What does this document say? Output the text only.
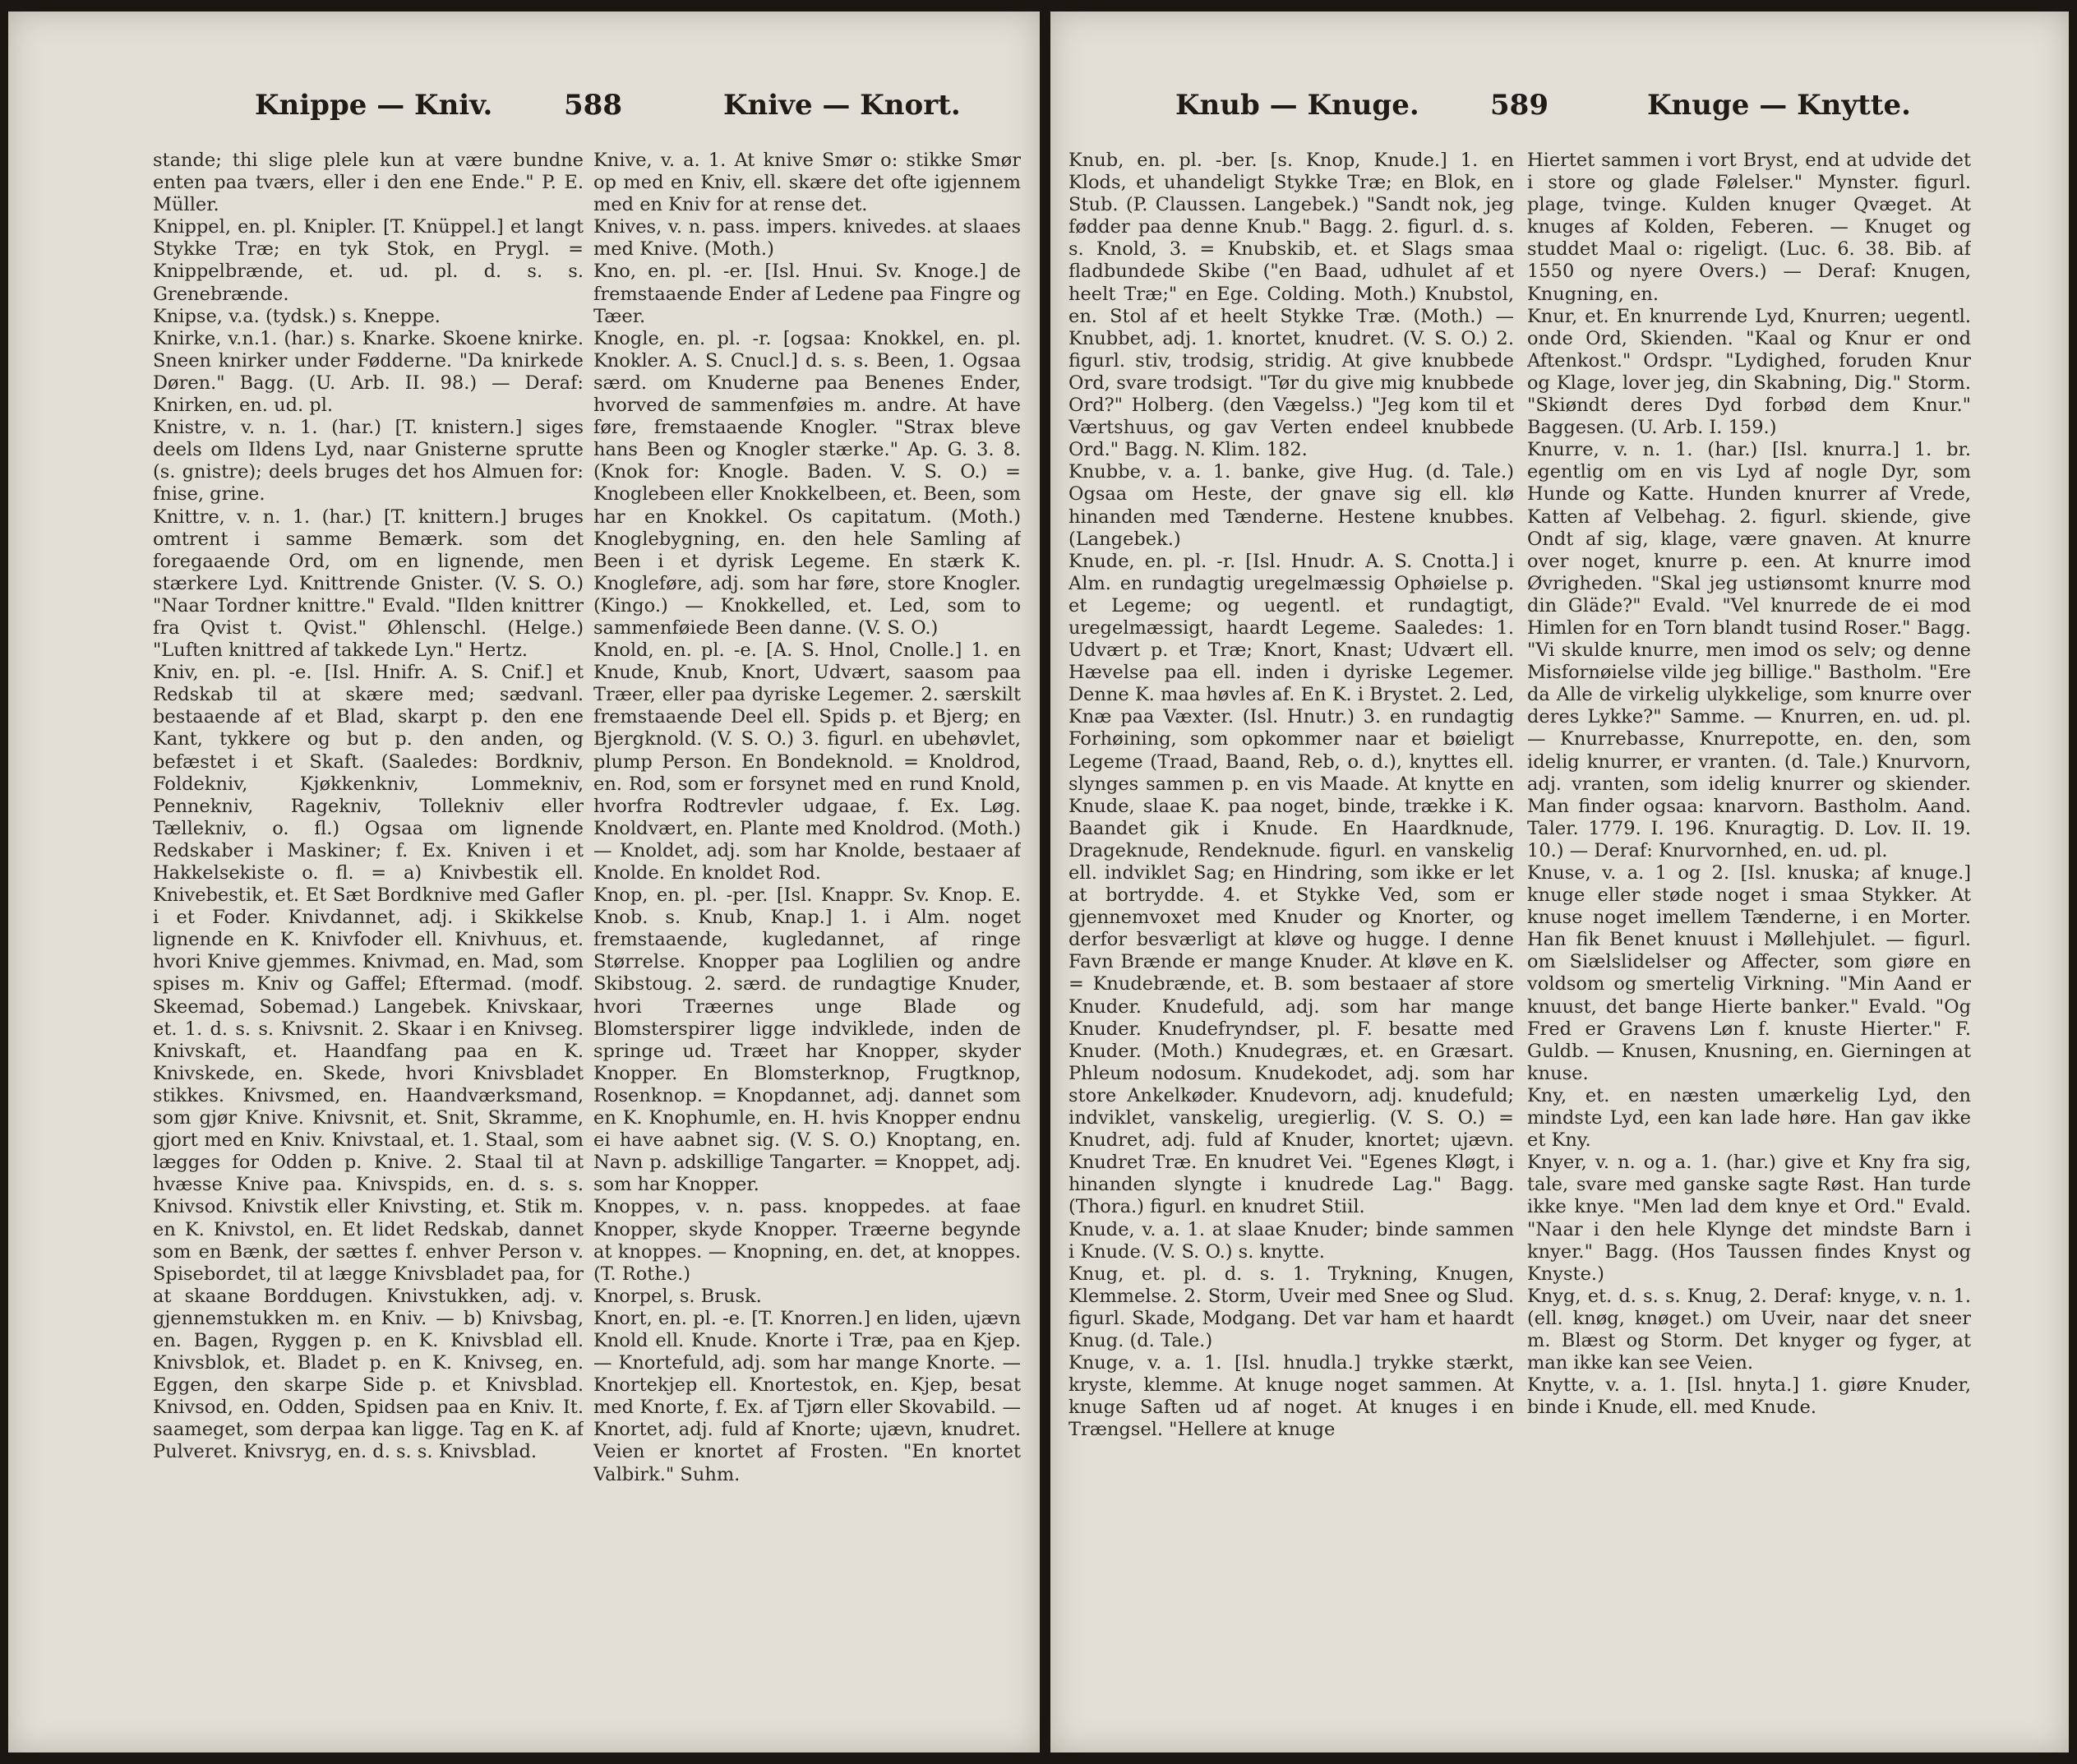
Knippe — Kniv.	588	Knive — Knort.

stande; thi slige plele kun at være bundne enten paa tværs, eller i den ene Ende." P. E. Müller.
Knippel, en. pl. Knipler. [T. Knüppel.] et langt Stykke Træ; en tyk Stok, en Prygl. = Knippelbrænde, et. ud. pl. d. s. s. Grenebrænde.
Knipse, v.a. (tydsk.) s. Kneppe.
Knirke, v.n.1. (har.) s. Knarke. Skoene knirke. Sneen knirker under Fødderne. "Da knirkede Døren." Bagg. (U. Arb. II. 98.) — Deraf: Knirken, en. ud. pl.
Knistre, v. n. 1. (har.) [T. knistern.] siges deels om Ildens Lyd, naar Gnisterne sprutte (s. gnistre); deels bruges det hos Almuen for: fnise, grine.
Knittre, v. n. 1. (har.) [T. knittern.] bruges omtrent i samme Bemærk. som det foregaaende Ord, om en lignende, men stærkere Lyd. Knittrende Gnister. (V. S. O.) "Naar Tordner knittre." Evald. "Ilden knittrer fra Qvist t. Qvist." Øhlenschl. (Helge.) "Luften knittred af takkede Lyn." Hertz.
Kniv, en. pl. -e. [Isl. Hnifr. A. S. Cnif.] et Redskab til at skære med; sædvanl. bestaaende af et Blad, skarpt p. den ene Kant, tykkere og but p. den anden, og befæstet i et Skaft. (Saaledes: Bordkniv, Foldekniv, Kjøkkenkniv, Lommekniv, Pennekniv, Ragekniv, Tollekniv eller Tællekniv, o. fl.) Ogsaa om lignende Redskaber i Maskiner; f. Ex. Kniven i et Hakkelsekiste o. fl. = a) Knivbestik ell. Knivebestik, et. Et Sæt Bordknive med Gafler i et Foder. Knivdannet, adj. i Skikkelse lignende en K. Knivfoder ell. Knivhuus, et. hvori Knive gjemmes. Knivmad, en. Mad, som spises m. Kniv og Gaffel; Eftermad. (modf. Skeemad, Sobemad.) Langebek. Knivskaar, et. 1. d. s. s. Knivsnit. 2. Skaar i en Knivseg. Knivskaft, et. Haandfang paa en K. Knivskede, en. Skede, hvori Knivsbladet stikkes. Knivsmed, en. Haandværksmand, som gjør Knive. Knivsnit, et. Snit, Skramme, gjort med en Kniv. Knivstaal, et. 1. Staal, som lægges for Odden p. Knive. 2. Staal til at hvæsse Knive paa. Knivspids, en. d. s. s. Knivsod. Knivstik eller Knivsting, et. Stik m. en K. Knivstol, en. Et lidet Redskab, dannet som en Bænk, der sættes f. enhver Person v. Spisebordet, til at lægge Knivsbladet paa, for at skaane Borddugen. Knivstukken, adj. v. gjennemstukken m. en Kniv. — b) Knivsbag, en. Bagen, Ryggen p. en K. Knivsblad ell. Knivsblok, et. Bladet p. en K. Knivseg, en. Eggen, den skarpe Side p. et Knivsblad. Knivsod, en. Odden, Spidsen paa en Kniv. It. saameget, som derpaa kan ligge. Tag en K. af Pulveret. Knivsryg, en. d. s. s. Knivsblad.

Knive, v. a. 1. At knive Smør o: stikke Smør op med en Kniv, ell. skære det ofte igjennem med en Kniv for at rense det.
Knives, v. n. pass. impers. knivedes. at slaaes med Knive. (Moth.)
Kno, en. pl. -er. [Isl. Hnui. Sv. Knoge.] de fremstaaende Ender af Ledene paa Fingre og Tæer.
Knogle, en. pl. -r. [ogsaa: Knokkel, en. pl. Knokler. A. S. Cnucl.] d. s. s. Been, 1. Ogsaa særd. om Knuderne paa Benenes Ender, hvorved de sammenføies m. andre. At have føre, fremstaaende Knogler. "Strax bleve hans Been og Knogler stærke." Ap. G. 3. 8. (Knok for: Knogle. Baden. V. S. O.) = Knoglebeen eller Knokkelbeen, et. Been, som har en Knokkel. Os capitatum. (Moth.) Knoglebygning, en. den hele Samling af Been i et dyrisk Legeme. En stærk K. Knogleføre, adj. som har føre, store Knogler. (Kingo.) — Knokkelled, et. Led, som to sammenføiede Been danne. (V. S. O.)
Knold, en. pl. -e. [A. S. Hnol, Cnolle.] 1. en Knude, Knub, Knort, Udvært, saasom paa Træer, eller paa dyriske Legemer. 2. særskilt fremstaaende Deel ell. Spids p. et Bjerg; en Bjergknold. (V. S. O.) 3. figurl. en ubehøvlet, plump Person. En Bondeknold. = Knoldrod, en. Rod, som er forsynet med en rund Knold, hvorfra Rodtrevler udgaae, f. Ex. Løg. Knoldvært, en. Plante med Knoldrod. (Moth.) — Knoldet, adj. som har Knolde, bestaaer af Knolde. En knoldet Rod.
Knop, en. pl. -per. [Isl. Knappr. Sv. Knop. E. Knob. s. Knub, Knap.] 1. i Alm. noget fremstaaende, kugledannet, af ringe Størrelse. Knopper paa Loglilien og andre Skibstoug. 2. særd. de rundagtige Knuder, hvori Træernes unge Blade og Blomsterspirer ligge indviklede, inden de springe ud. Træet har Knopper, skyder Knopper. En Blomsterknop, Frugtknop, Rosenknop. = Knopdannet, adj. dannet som en K. Knophumle, en. H. hvis Knopper endnu ei have aabnet sig. (V. S. O.) Knoptang, en. Navn p. adskillige Tangarter. = Knoppet, adj. som har Knopper.
Knoppes, v. n. pass. knoppedes. at faae Knopper, skyde Knopper. Træerne begynde at knoppes. — Knopning, en. det, at knoppes. (T. Rothe.)
Knorpel, s. Brusk.
Knort, en. pl. -e. [T. Knorren.] en liden, ujævn Knold ell. Knude. Knorte i Træ, paa en Kjep. — Knortefuld, adj. som har mange Knorte. — Knortekjep ell. Knortestok, en. Kjep, besat med Knorte, f. Ex. af Tjørn eller Skovabild. — Knortet, adj. fuld af Knorte; ujævn, knudret. Veien er knortet af Frosten. "En knortet Valbirk." Suhm.

Knub — Knuge.	589	Knuge — Knytte.

Knub, en. pl. -ber. [s. Knop, Knude.] 1. en Klods, et uhandeligt Stykke Træ; en Blok, en Stub. (P. Claussen. Langebek.) "Sandt nok, jeg fødder paa denne Knub." Bagg. 2. figurl. d. s. s. Knold, 3. = Knubskib, et. et Slags smaa fladbundede Skibe ("en Baad, udhulet af et heelt Træ;" en Ege. Colding. Moth.) Knubstol, en. Stol af et heelt Stykke Træ. (Moth.) — Knubbet, adj. 1. knortet, knudret. (V. S. O.) 2. figurl. stiv, trodsig, stridig. At give knubbede Ord, svare trodsigt. "Tør du give mig knubbede Ord?" Holberg. (den Vægelss.) "Jeg kom til et Værtshuus, og gav Verten endeel knubbede Ord." Bagg. N. Klim. 182.
Knubbe, v. a. 1. banke, give Hug. (d. Tale.) Ogsaa om Heste, der gnave sig ell. klø hinanden med Tænderne. Hestene knubbes. (Langebek.)
Knude, en. pl. -r. [Isl. Hnudr. A. S. Cnotta.] i Alm. en rundagtig uregelmæssig Ophøielse p. et Legeme; og uegentl. et rundagtigt, uregelmæssigt, haardt Legeme. Saaledes: 1. Udvært p. et Træ; Knort, Knast; Udvært ell. Hævelse paa ell. inden i dyriske Legemer. Denne K. maa høvles af. En K. i Brystet. 2. Led, Knæ paa Væxter. (Isl. Hnutr.) 3. en rundagtig Forhøining, som opkommer naar et bøieligt Legeme (Traad, Baand, Reb, o. d.), knyttes ell. slynges sammen p. en vis Maade. At knytte en Knude, slaae K. paa noget, binde, trække i K. Baandet gik i Knude. En Haardknude, Drageknude, Rendeknude. figurl. en vanskelig ell. indviklet Sag; en Hindring, som ikke er let at bortrydde. 4. et Stykke Ved, som er gjennemvoxet med Knuder og Knorter, og derfor besværligt at kløve og hugge. I denne Favn Brænde er mange Knuder. At kløve en K. = Knudebrænde, et. B. som bestaaer af store Knuder. Knudefuld, adj. som har mange Knuder. Knudefryndser, pl. F. besatte med Knuder. (Moth.) Knudegræs, et. en Græsart. Phleum nodosum. Knudekodet, adj. som har store Ankelkøder. Knudevorn, adj. knudefuld; indviklet, vanskelig, uregierlig. (V. S. O.) = Knudret, adj. fuld af Knuder, knortet; ujævn. Knudret Træ. En knudret Vei. "Egenes Kløgt, i hinanden slyngte i knudrede Lag." Bagg. (Thora.) figurl. en knudret Stiil.
Knude, v. a. 1. at slaae Knuder; binde sammen i Knude. (V. S. O.) s. knytte.
Knug, et. pl. d. s. 1. Trykning, Knugen, Klemmelse. 2. Storm, Uveir med Snee og Slud. figurl. Skade, Modgang. Det var ham et haardt Knug. (d. Tale.)
Knuge, v. a. 1. [Isl. hnudla.] trykke stærkt, kryste, klemme. At knuge noget sammen. At knuge Saften ud af noget. At knuges i en Trængsel. "Hellere at knuge

Hiertet sammen i vort Bryst, end at udvide det i store og glade Følelser." Mynster. figurl. plage, tvinge. Kulden knuger Qvæget. At knuges af Kolden, Feberen. — Knuget og studdet Maal o: rigeligt. (Luc. 6. 38. Bib. af 1550 og nyere Overs.) — Deraf: Knugen, Knugning, en.
Knur, et. En knurrende Lyd, Knurren; uegentl. onde Ord, Skienden. "Kaal og Knur er ond Aftenkost." Ordspr. "Lydighed, foruden Knur og Klage, lover jeg, din Skabning, Dig." Storm. "Skiøndt deres Dyd forbød dem Knur." Baggesen. (U. Arb. I. 159.)
Knurre, v. n. 1. (har.) [Isl. knurra.] 1. br. egentlig om en vis Lyd af nogle Dyr, som Hunde og Katte. Hunden knurrer af Vrede, Katten af Velbehag. 2. figurl. skiende, give Ondt af sig, klage, være gnaven. At knurre over noget, knurre p. een. At knurre imod Øvrigheden. "Skal jeg ustiønsomt knurre mod din Gläde?" Evald. "Vel knurrede de ei mod Himlen for en Torn blandt tusind Roser." Bagg. "Vi skulde knurre, men imod os selv; og denne Misfornøielse vilde jeg billige." Bastholm. "Ere da Alle de virkelig ulykkelige, som knurre over deres Lykke?" Samme. — Knurren, en. ud. pl. — Knurrebasse, Knurrepotte, en. den, som idelig knurrer, er vranten. (d. Tale.) Knurvorn, adj. vranten, som idelig knurrer og skiender. Man finder ogsaa: knarvorn. Bastholm. Aand. Taler. 1779. I. 196. Knuragtig. D. Lov. II. 19. 10.) — Deraf: Knurvornhed, en. ud. pl.
Knuse, v. a. 1 og 2. [Isl. knuska; af knuge.] knuge eller støde noget i smaa Stykker. At knuse noget imellem Tænderne, i en Morter. Han fik Benet knuust i Møllehjulet. — figurl. om Siælslidelser og Affecter, som giøre en voldsom og smertelig Virkning. "Min Aand er knuust, det bange Hierte banker." Evald. "Og Fred er Gravens Løn f. knuste Hierter." F. Guldb. — Knusen, Knusning, en. Gierningen at knuse.
Kny, et. en næsten umærkelig Lyd, den mindste Lyd, een kan lade høre. Han gav ikke et Kny.
Knyer, v. n. og a. 1. (har.) give et Kny fra sig, tale, svare med ganske sagte Røst. Han turde ikke knye. "Men lad dem knye et Ord." Evald. "Naar i den hele Klynge det mindste Barn i knyer." Bagg. (Hos Taussen findes Knyst og Knyste.)
Knyg, et. d. s. s. Knug, 2. Deraf: knyge, v. n. 1. (ell. knøg, knøget.) om Uveir, naar det sneer m. Blæst og Storm. Det knyger og fyger, at man ikke kan see Veien.
Knytte, v. a. 1. [Isl. hnyta.] 1. giøre Knuder, binde i Knude, ell. med Knude.
